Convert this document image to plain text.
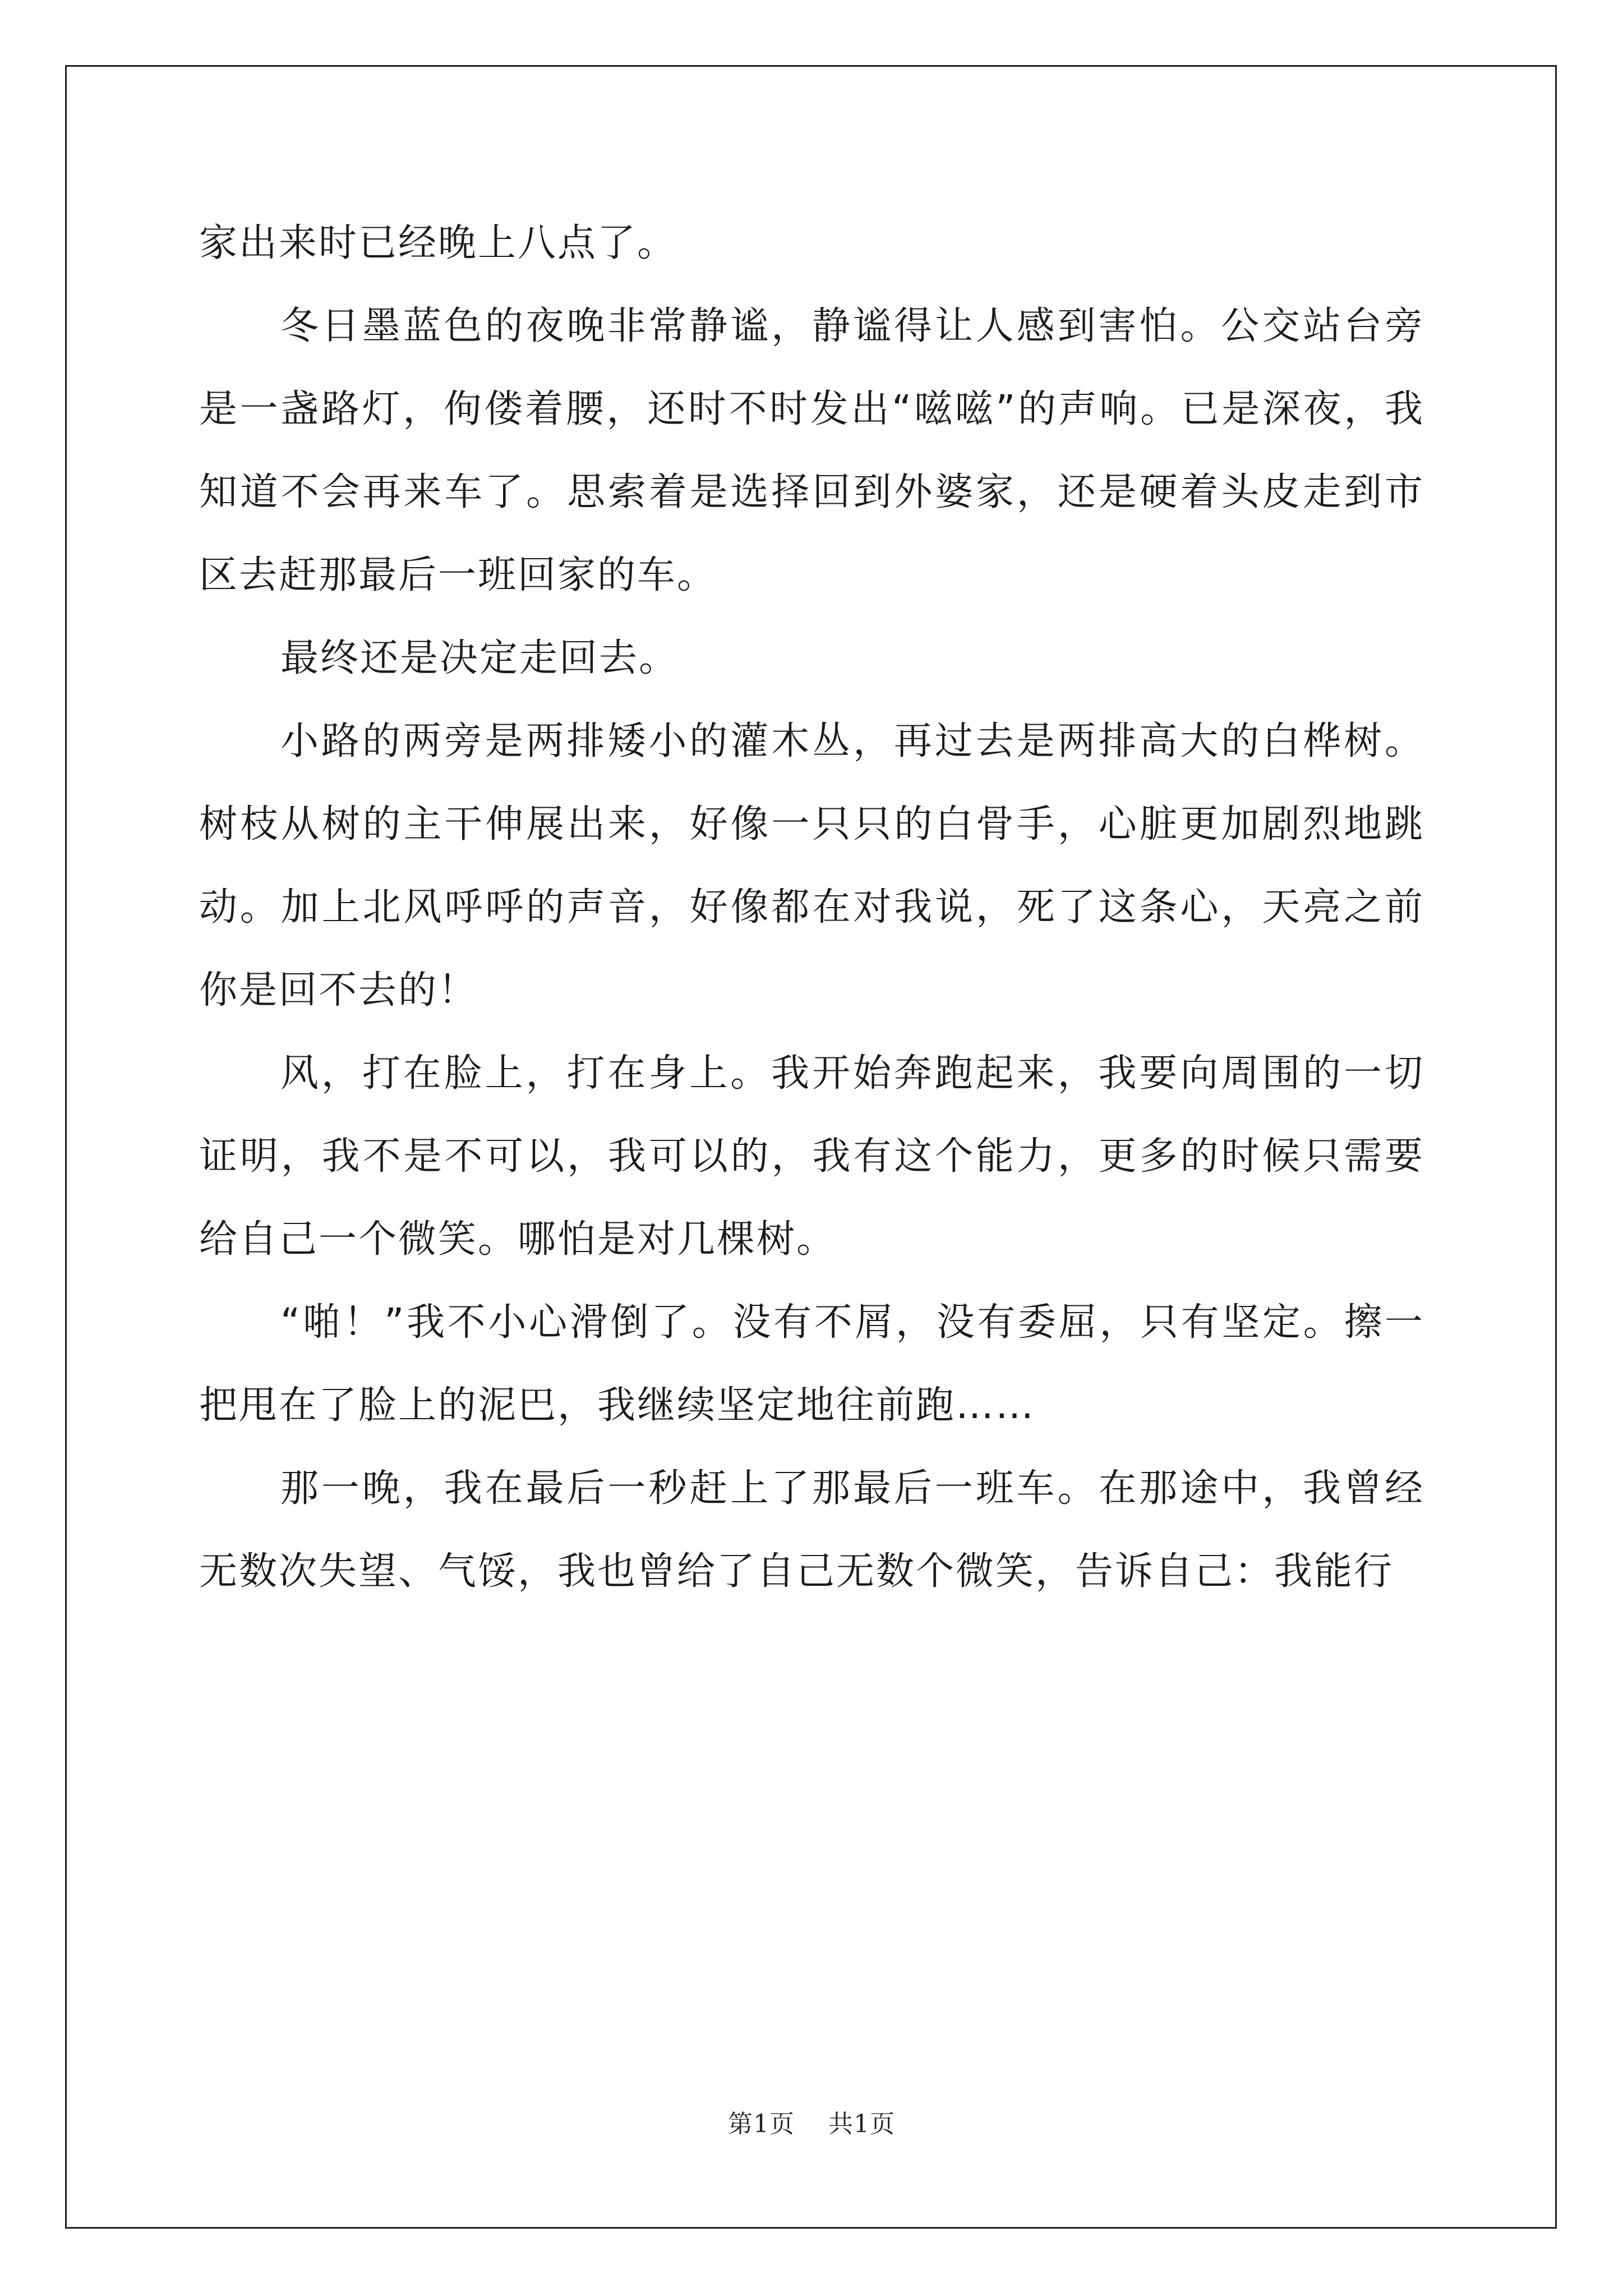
家出来时已经晚上八点了。

冬日墨蓝色的夜晚非常静谧，静谧得让人感到害怕。公交站台旁是一盏路灯，佝偻着腰，还时不时发出“嗞嗞”的声响。已是深夜，我知道不会再来车了。思索着是选择回到外婆家，还是硬着头皮走到市区去赶那最后一班回家的车。

最终还是决定走回去。

小路的两旁是两排矮小的灌木丛，再过去是两排高大的白桦树。树枝从树的主干伸展出来，好像一只只的白骨手，心脏更加剧烈地跳动。加上北风呼呼的声音，好像都在对我说，死了这条心，天亮之前你是回不去的！

风，打在脸上，打在身上。我开始奔跑起来，我要向周围的一切证明，我不是不可以，我可以的，我有这个能力，更多的时候只需要给自己一个微笑。哪怕是对几棵树。

“啪！”我不小心滑倒了。没有不屑，没有委屈，只有坚定。擦一把甩在了脸上的泥巴，我继续坚定地往前跑……

那一晚，我在最后一秒赶上了那最后一班车。在那途中，我曾经无数次失望、气馁，我也曾给了自己无数个微笑，告诉自己：我能行

第1页 共1页
